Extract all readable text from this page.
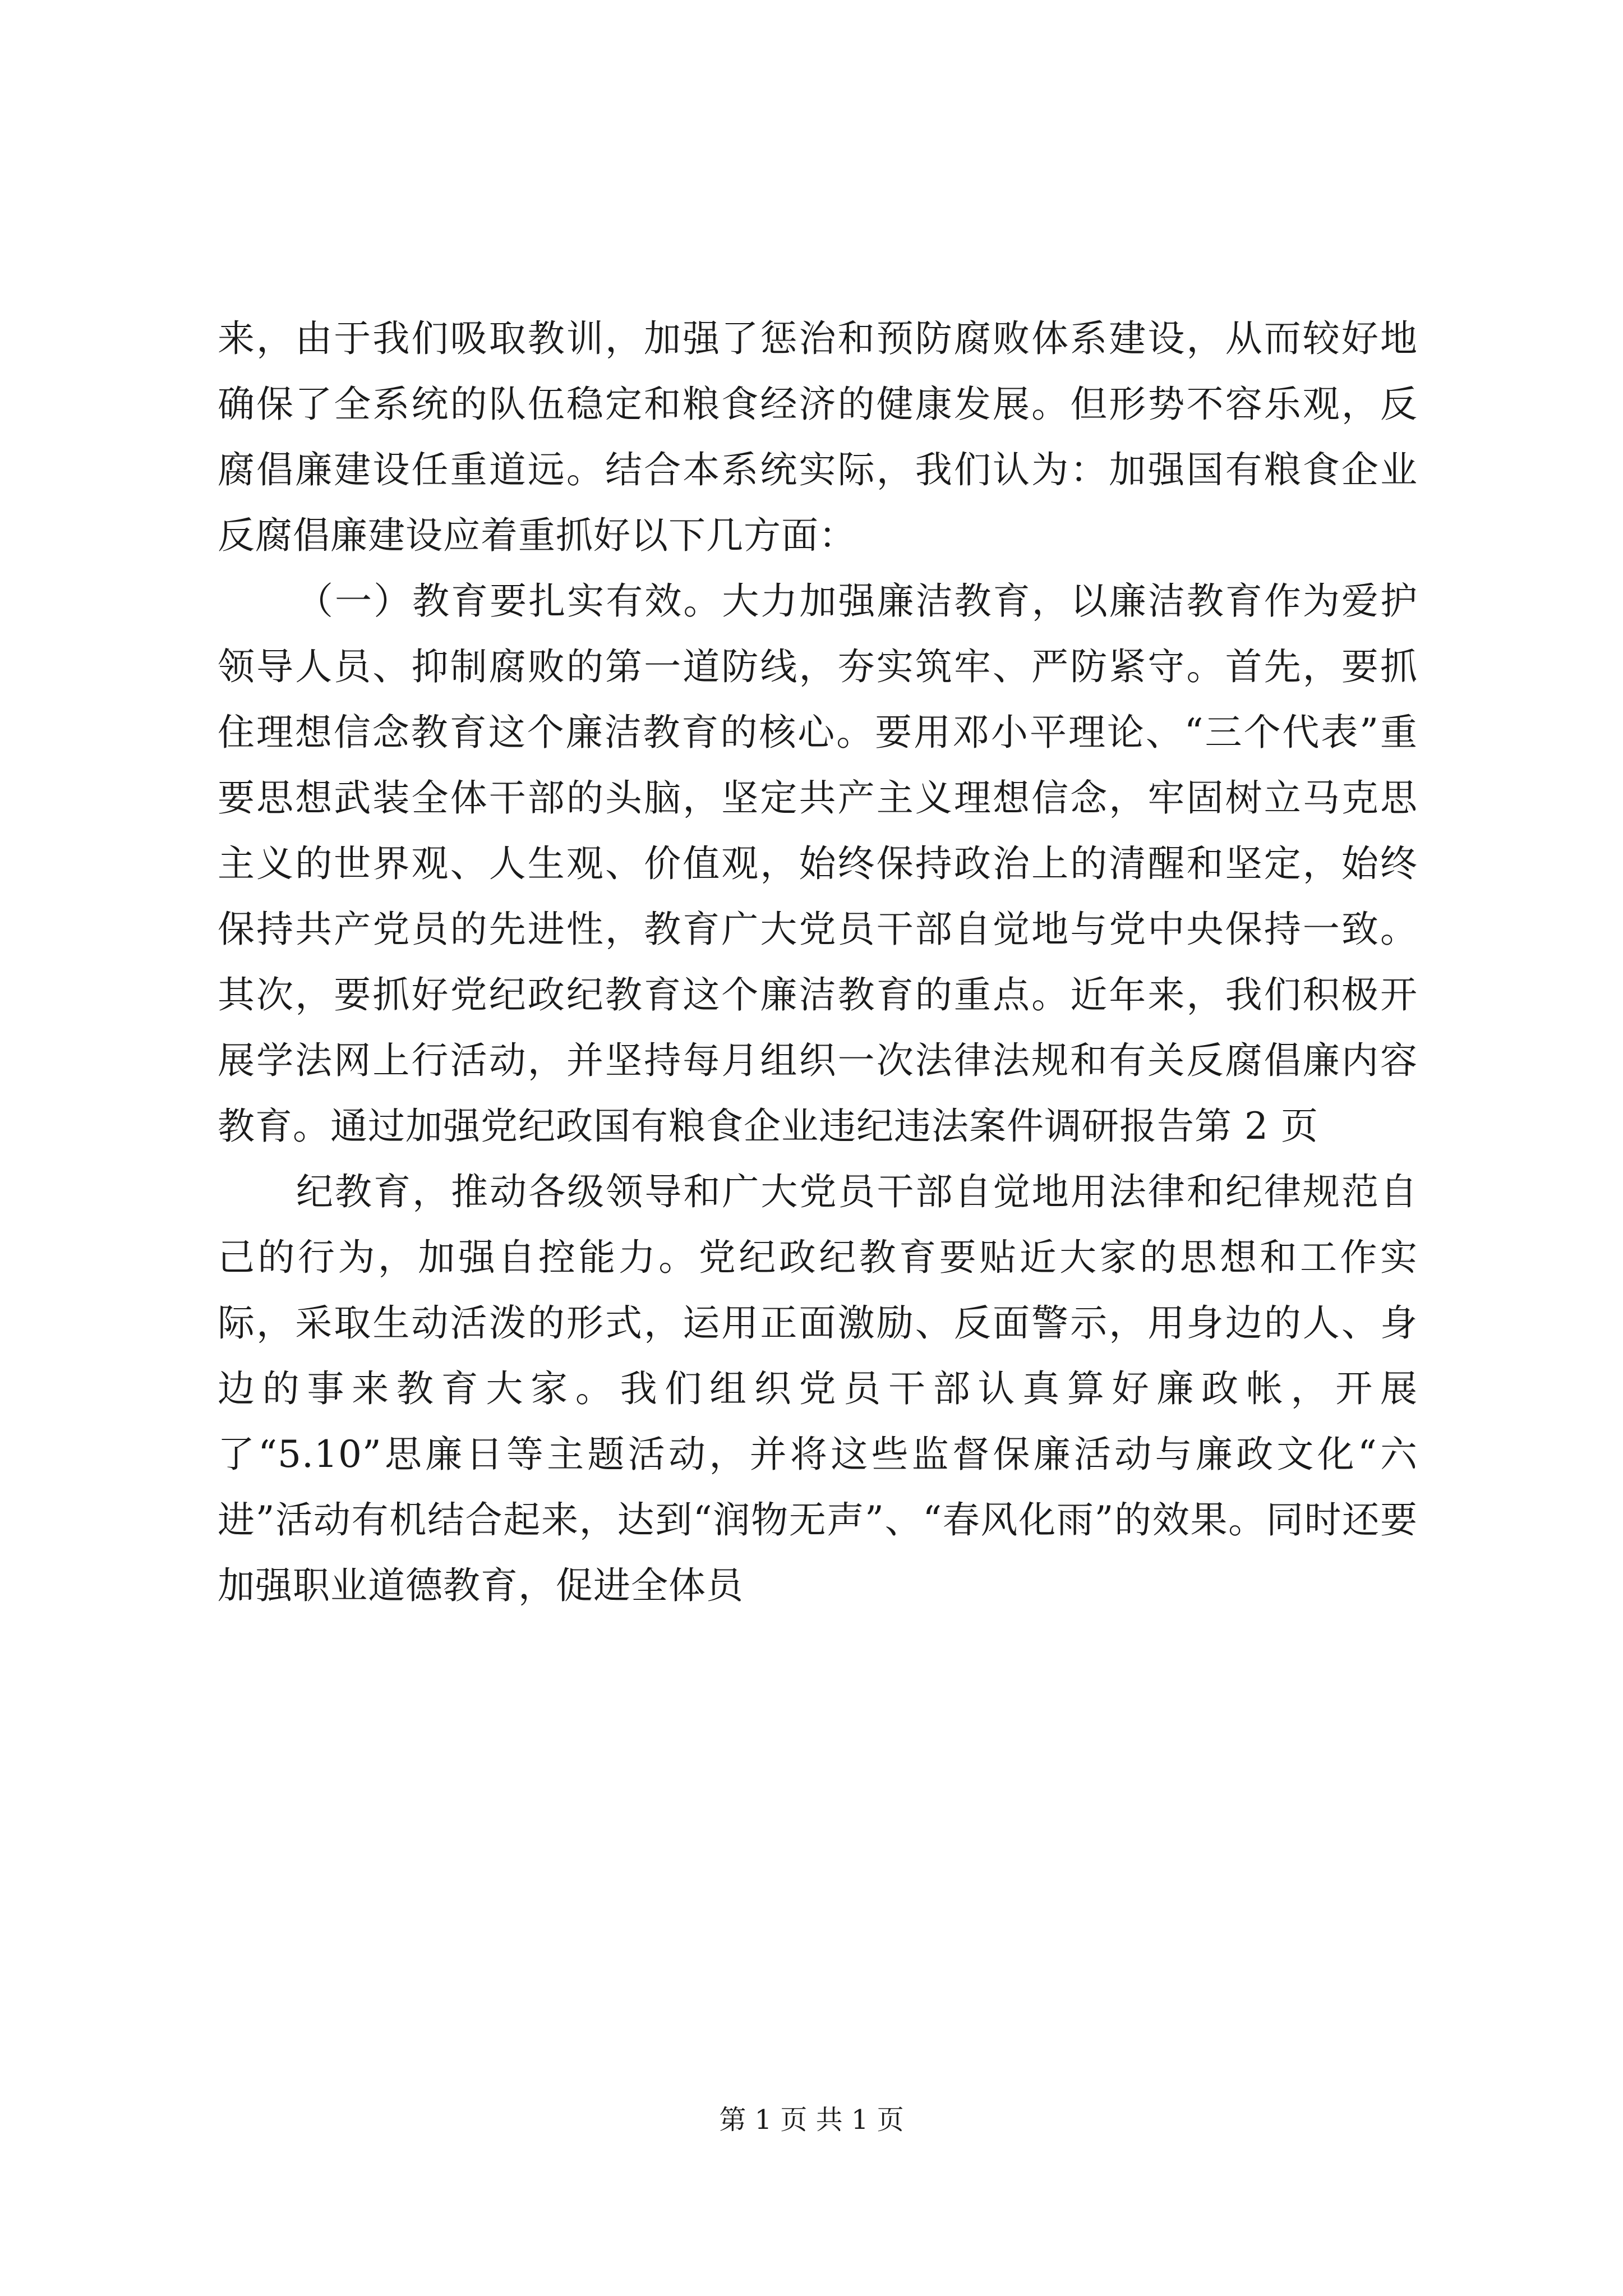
来，由于我们吸取教训，加强了惩治和预防腐败体系建设，从而较好地确保了全系统的队伍稳定和粮食经济的健康发展。但形势不容乐观，反腐倡廉建设任重道远。结合本系统实际，我们认为：加强国有粮食企业反腐倡廉建设应着重抓好以下几方面：

（一）教育要扎实有效。大力加强廉洁教育，以廉洁教育作为爱护领导人员、抑制腐败的第一道防线，夯实筑牢、严防紧守。首先，要抓住理想信念教育这个廉洁教育的核心。要用邓小平理论、“三个代表”重要思想武装全体干部的头脑，坚定共产主义理想信念，牢固树立马克思主义的世界观、人生观、价值观，始终保持政治上的清醒和坚定，始终保持共产党员的先进性，教育广大党员干部自觉地与党中央保持一致。其次，要抓好党纪政纪教育这个廉洁教育的重点。近年来，我们积极开展学法网上行活动，并坚持每月组织一次法律法规和有关反腐倡廉内容教育。通过加强党纪政国有粮食企业违纪违法案件调研报告第 2 页

纪教育，推动各级领导和广大党员干部自觉地用法律和纪律规范自己的行为，加强自控能力。党纪政纪教育要贴近大家的思想和工作实际，采取生动活泼的形式，运用正面激励、反面警示，用身边的人、身边的事来教育大家。我们组织党员干部认真算好廉政帐，开展了“5.10”思廉日等主题活动，并将这些监督保廉活动与廉政文化“六进”活动有机结合起来，达到“润物无声”、“春风化雨”的效果。同时还要加强职业道德教育，促进全体员

第 1 页 共 1 页
